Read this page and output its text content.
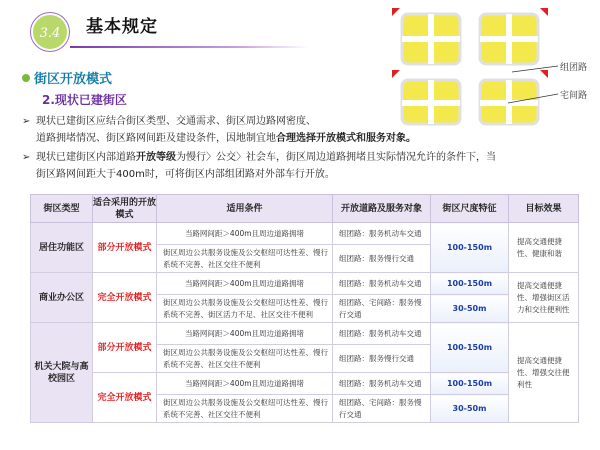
3.4 基本规定
组团路
宅间路
街区开放模式
2.现状已建街区
➢ 现状已建街区应结合街区类型、交通需求、街区周边路网密度、
道路拥堵情况、街区路网间距及建设条件，因地制宜地合理选择开放模式和服务对象。
➢ 现状已建街区内部道路开放等级为慢行〉公交〉社会车，街区周边道路拥堵且实际情况允许的条件下，当
街区路网间距大于400m时，可将街区内部组团路对外部车行开放。
街区类型	适合采用的开放模式	适用条件	开放道路及服务对象	街区尺度特征	目标效果
居住功能区	部分开放模式	当路网间距＞400m且周边道路拥堵	组团路：服务机动车交通	100-150m	提高交通便捷性、健康和谐
		街区周边公共服务设施及公交枢纽可达性差、慢行系统不完善、社区交往不便利	组团路：服务慢行交通		
商业办公区	完全开放模式	当路网间距＞400m且周边道路拥堵	组团路：服务机动车交通	100-150m	提高交通便捷性、增强街区活力和交往便利性
		街区周边公共服务设施及公交枢纽可达性差、慢行系统不完善、街区活力不足、社区交往不便利	组团路、宅间路：服务慢行交通	30-50m	
机关大院与高校园区	部分开放模式	当路网间距＞400m且周边道路拥堵	组团路：服务机动车交通	100-150m	提高交通便捷性、增强交往便利性
		街区周边公共服务设施及公交枢纽可达性差、慢行系统不完善、社区交往不便利	组团路：服务慢行交通		
	完全开放模式	当路网间距＞400m且周边道路拥堵	组团路：服务机动车交通	100-150m	
		街区周边公共服务设施及公交枢纽可达性差、慢行系统不完善、社区交往不便利	组团路、宅间路：服务慢行交通	30-50m	
